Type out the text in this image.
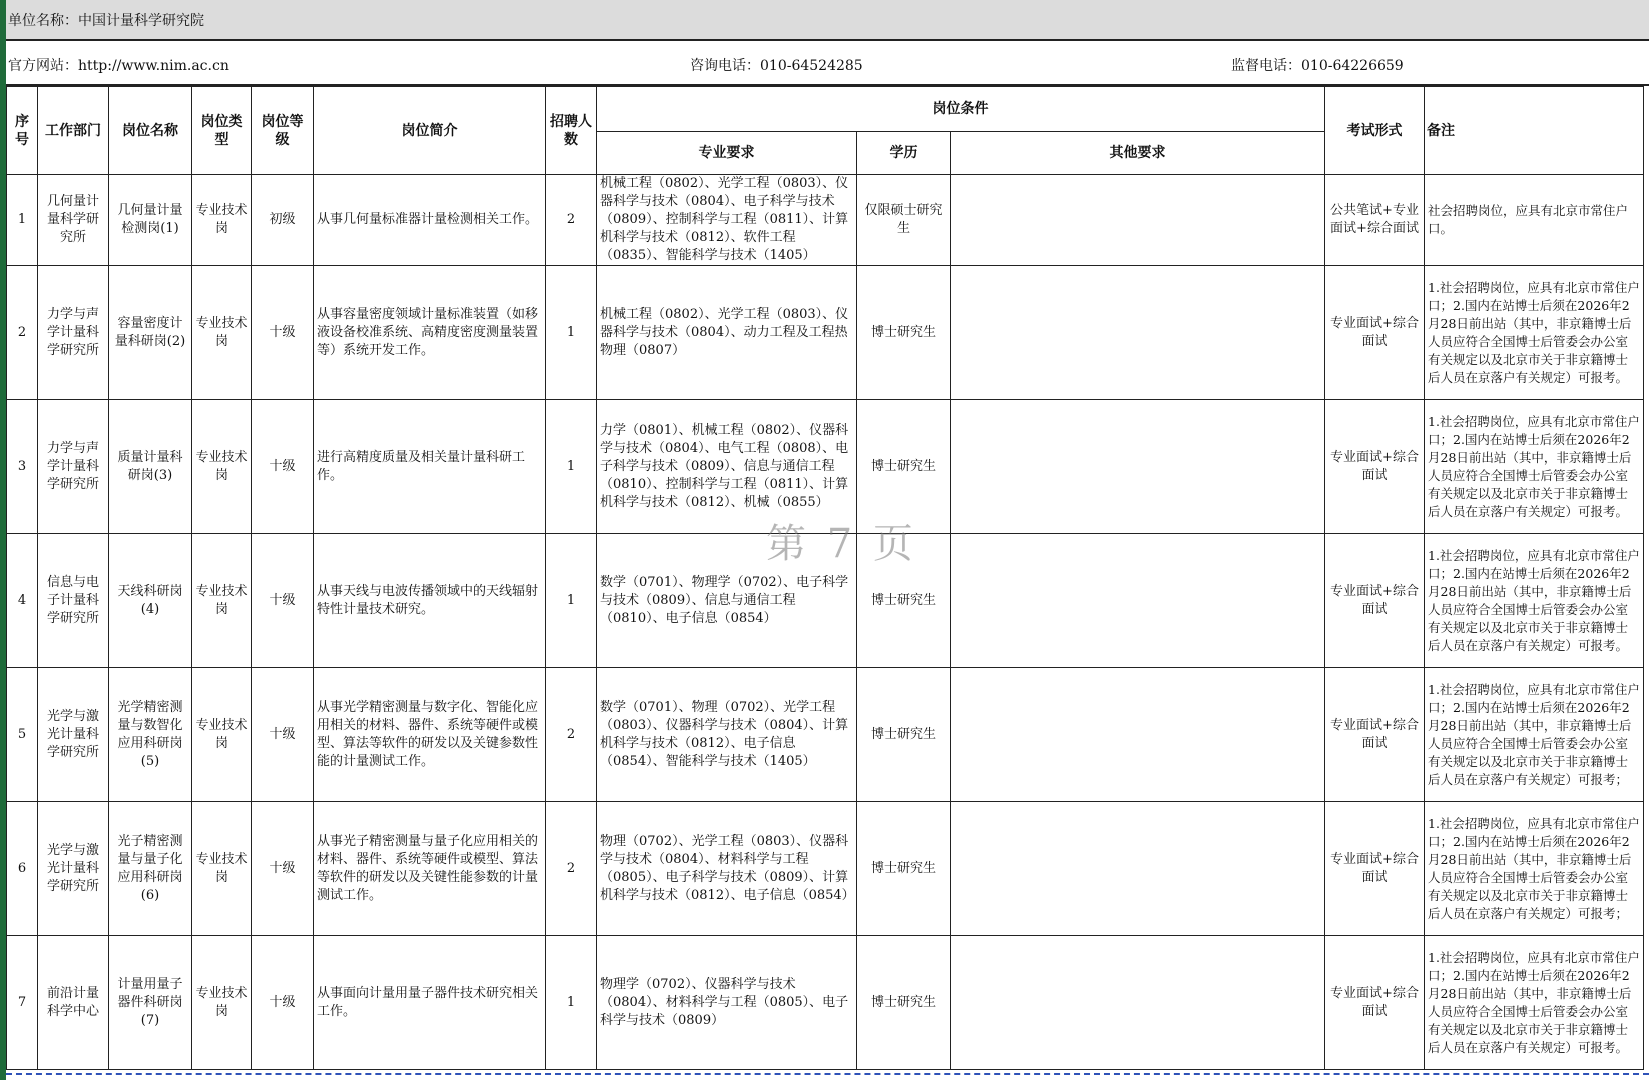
单位名称：中国计量科学研究院
官方网站：http://www.nim.ac.cn	咨询电话：010-64524285	监督电话：010-64226659
序号	工作部门	岗位名称	岗位类型	岗位等级	岗位简介	招聘人数	岗位条件			考试形式	备注
							专业要求	学历	其他要求		
1	几何量计量科学研究所	几何量计量检测岗(1)	专业技术岗	初级	从事几何量标准器计量检测相关工作。	2	机械工程（0802）、光学工程（0803）、仪器科学与技术（0804）、电子科学与技术（0809）、控制科学与工程（0811）、计算机科学与技术（0812）、软件工程（0835）、智能科学与技术（1405）	仅限硕士研究生		公共笔试+专业面试+综合面试	社会招聘岗位，应具有北京市常住户口。
2	力学与声学计量科学研究所	容量密度计量科研岗(2)	专业技术岗	十级	从事容量密度领域计量标准装置（如移液设备校准系统、高精度密度测量装置等）系统开发工作。	1	机械工程（0802）、光学工程（0803）、仪器科学与技术（0804）、动力工程及工程热物理（0807）	博士研究生		专业面试+综合面试	1.社会招聘岗位，应具有北京市常住户口；2.国内在站博士后须在2026年2月28日前出站（其中，非京籍博士后人员应符合全国博士后管委会办公室有关规定以及北京市关于非京籍博士后人员在京落户有关规定）可报考。
3	力学与声学计量科学研究所	质量计量科研岗(3)	专业技术岗	十级	进行高精度质量及相关量计量科研工作。	1	力学（0801）、机械工程（0802）、仪器科学与技术（0804）、电气工程（0808）、电子科学与技术（0809）、信息与通信工程（0810）、控制科学与工程（0811）、计算机科学与技术（0812）、机械（0855）	博士研究生		专业面试+综合面试	1.社会招聘岗位，应具有北京市常住户口；2.国内在站博士后须在2026年2月28日前出站（其中，非京籍博士后人员应符合全国博士后管委会办公室有关规定以及北京市关于非京籍博士后人员在京落户有关规定）可报考。
4	信息与电子计量科学研究所	天线科研岗(4)	专业技术岗	十级	从事天线与电波传播领域中的天线辐射特性计量技术研究。	1	数学（0701）、物理学（0702）、电子科学与技术（0809）、信息与通信工程（0810）、电子信息（0854）	博士研究生		专业面试+综合面试	1.社会招聘岗位，应具有北京市常住户口；2.国内在站博士后须在2026年2月28日前出站（其中，非京籍博士后人员应符合全国博士后管委会办公室有关规定以及北京市关于非京籍博士后人员在京落户有关规定）可报考。
5	光学与激光计量科学研究所	光学精密测量与数智化应用科研岗(5)	专业技术岗	十级	从事光学精密测量与数字化、智能化应用相关的材料、器件、系统等硬件或模型、算法等软件的研发以及关键参数性能的计量测试工作。	2	数学（0701）、物理（0702）、光学工程（0803）、仪器科学与技术（0804）、计算机科学与技术（0812）、电子信息（0854）、智能科学与技术（1405）	博士研究生		专业面试+综合面试	1.社会招聘岗位，应具有北京市常住户口；2.国内在站博士后须在2026年2月28日前出站（其中，非京籍博士后人员应符合全国博士后管委会办公室有关规定以及北京市关于非京籍博士后人员在京落户有关规定）可报考；
6	光学与激光计量科学研究所	光子精密测量与量子化应用科研岗(6)	专业技术岗	十级	从事光子精密测量与量子化应用相关的材料、器件、系统等硬件或模型、算法等软件的研发以及关键性能参数的计量测试工作。	2	物理（0702）、光学工程（0803）、仪器科学与技术（0804）、材料科学与工程（0805）、电子科学与技术（0809）、计算机科学与技术（0812）、电子信息（0854）	博士研究生		专业面试+综合面试	1.社会招聘岗位，应具有北京市常住户口；2.国内在站博士后须在2026年2月28日前出站（其中，非京籍博士后人员应符合全国博士后管委会办公室有关规定以及北京市关于非京籍博士后人员在京落户有关规定）可报考；
7	前沿计量科学中心	计量用量子器件科研岗(7)	专业技术岗	十级	从事面向计量用量子器件技术研究相关工作。	1	物理学（0702）、仪器科学与技术（0804）、材料科学与工程（0805）、电子科学与技术（0809）	博士研究生		专业面试+综合面试	1.社会招聘岗位，应具有北京市常住户口；2.国内在站博士后须在2026年2月28日前出站（其中，非京籍博士后人员应符合全国博士后管委会办公室有关规定以及北京市关于非京籍博士后人员在京落户有关规定）可报考。
第 7 页
